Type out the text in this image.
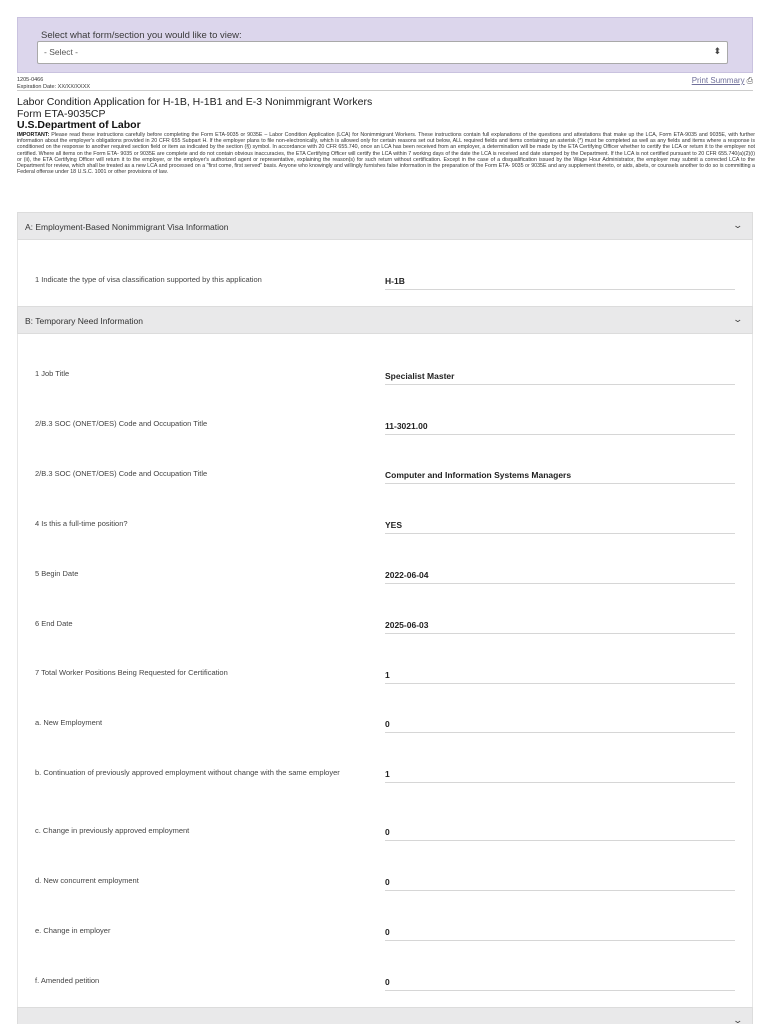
Select what form/section you would like to view:
- Select -	⬍
1205-0466
Expiration Date: XX/XX/XXXX
Print Summary ⎙
Labor Condition Application for H-1B, H-1B1 and E-3 Nonimmigrant Workers
Form ETA-9035CP
U.S.Department of Labor
IMPORTANT: Please read these instructions carefully before completing the Form ETA-9035 or 9035E – Labor Condition Application (LCA) for Nonimmigrant Workers. These instructions contain full explanations of the questions and attestations that make up the LCA, Form ETA-9035 and 9035E, with further information about the employer's obligations provided in 20 CFR 655 Subpart H. If the employer plans to file non-electronically, which is allowed only for certain reasons set out below, ALL required fields and items containing an asterisk (*) must be completed as well as any fields and items where a response is conditioned on the response to another required section field or item as indicated by the section (§) symbol. In accordance with 20 CFR 655.740, once an LCA has been received from an employer, a determination will be made by the ETA Certifying Officer whether to certify the LCA or return it to the employer not certified. Where all items on the Form ETA- 9035 or 9035E are complete and do not contain obvious inaccuracies, the ETA Certifying Officer will certify the LCA within 7 working days of the date the LCA is received and date stamped by the Department. If the LCA is not certified pursuant to 20 CFR 655.740(a)(2)(i) or (ii), the ETA Certifying Officer will return it to the employer, or the employer's authorized agent or representative, explaining the reason(s) for such return without certification. Except in the case of a disqualification issued by the Wage Hour Administrator, the employer may submit a corrected LCA to the Department for review, which shall be treated as a new LCA and processed on a "first come, first served" basis. Anyone who knowingly and willingly furnishes false information in the preparation of the Form ETA- 9035 or 9035E and any supplement thereto, or aids, abets, or counsels another to do so is committing a Federal offense under 18 U.S.C. 1001 or other provisions of law.
A: Employment-Based Nonimmigrant Visa Information	⌄
1 Indicate the type of visa classification supported by this application	H-1B
B: Temporary Need Information	⌄
1 Job Title	Specialist Master
2/B.3 SOC (ONET/OES) Code and Occupation Title	11-3021.00
2/B.3 SOC (ONET/OES) Code and Occupation Title	Computer and Information Systems Managers
4 Is this a full-time position?	YES
5 Begin Date	2022-06-04
6 End Date	2025-06-03
7 Total Worker Positions Being Requested for Certification	1
a. New Employment	0
b. Continuation of previously approved employment without change with the same employer	1
c. Change in previously approved employment	0
d. New concurrent employment	0
e. Change in employer	0
f. Amended petition	0
⌄
